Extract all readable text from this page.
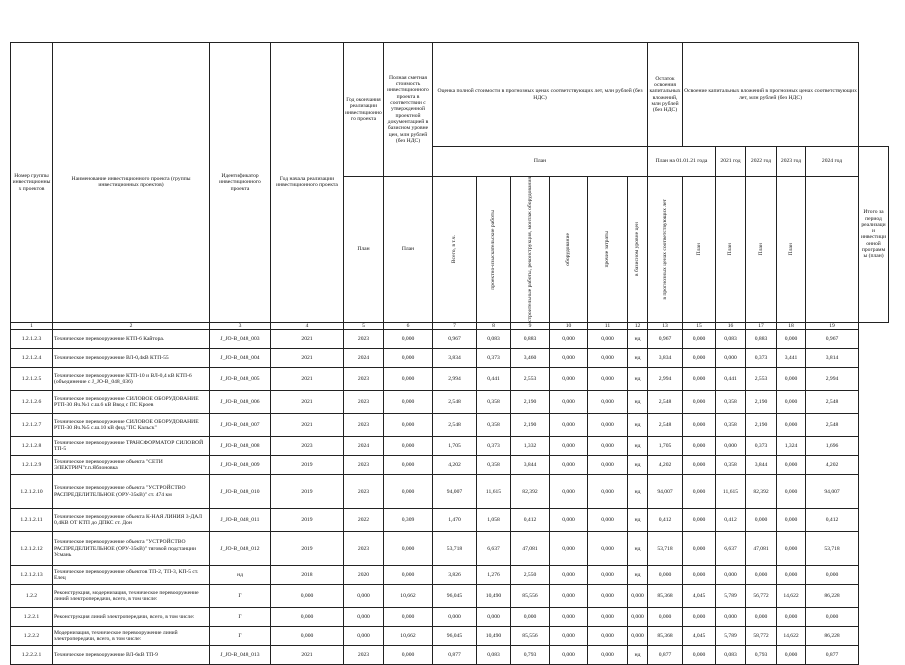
Номер группы инвестиционных проектов	Наименование инвестиционного проекта (группы инвестиционных проектов)	Идентификатор инвестиционного проекта	Год начала реализации инвестиционного проекта	Год окончания реализации инвестиционного проекта	Полная сметная стоимость инвестиционного проекта в соответствии с утвержденной проектной документацией в базисном уровне цен, млн рублей (без НДС)	Оценка полной стоимости в прогнозных ценах соответствующих лет, млн рублей (без НДС)						Остаток освоения капитальных вложений, млн рублей (без НДС)	Освоение капитальных вложений в прогнозных ценах соответствующих лет, млн рублей (без НДС)					
						План						План на 01.01.21 года		2021 год	2022 год	2023 год	2024 год	Итого за период реализации инвестиционной программы (план)
				План	План	Всего, в т.ч.	проектно-изыскательские работы	строительные работы, реконструкция, монтаж оборудования	оборудование	прочие затраты	в базисном уровне цен	в прогнозных ценах соответствующих лет	План	План	План	План		

1	2	3	4	5	6	7	8	9	10	11	12	13	15	16	17	18	19	
1.2.1.2.3	Техническое перевооружение КТП-6 Кайтора.	J_JO-B_048_003	2021	2023	0,000	0,967	0,083	0,883	0,000	0,000	нд	0,967	0,000	0,083	0,883	0,000	0,967	
1.2.1.2.4	Техническое перевооружение ВЛ-0,4кВ КТП-55	J_JO-B_048_004	2021	2024	0,000	3,834	0,373	3,460	0,000	0,000	нд	3,834	0,000	0,000	0,373	3,441	3,814	
1.2.1.2.5	Техническое перевооружение КТП-10 и ВЛ-0,4 кВ КТП-6 (объединение с J_JO-B_048_036)	J_JO-B_048_005	2021	2023	0,000	2,994	0,441	2,553	0,000	0,000	нд	2,994	0,000	0,441	2,553	0,000	2,994	
1.2.1.2.6	Техническое перевооружение СИЛОВОЕ ОБОРУДОВАНИЕ РТП-30 Яч.№1 с.ш.6 кВ Ввод с ПС Кроев	J_JO-B_048_006	2021	2023	0,000	2,548	0,358	2,190	0,000	0,000	нд	2,548	0,000	0,358	2,190	0,000	2,548	
1.2.1.2.7	Техническое перевооружение СИЛОВОЕ ОБОРУДОВАНИЕ РТП-30 Яч.№5 с.ш.10 кВ фид."ПС Кальск"	J_JO-B_048_007	2021	2023	0,000	2,548	0,358	2,190	0,000	0,000	нд	2,548	0,000	0,358	2,190	0,000	2,548	
1.2.1.2.8	Техническое перевооружение ТРАНСФОРМАТОР СИЛОВОЙ ТП-5	J_JO-B_048_008	2023	2024	0,000	1,705	0,373	1,332	0,000	0,000	нд	1,705	0,000	0,000	0,373	1,324	1,696	
1.2.1.2.9	Техническое перевооружение объекта "СЕТИ ЭЛЕКТРИЧ"г.п.Яблоновка	J_JO-B_048_009	2019	2023	0,000	4,202	0,358	3,844	0,000	0,000	нд	4,202	0,000	0,358	3,844	0,000	4,202	
1.2.1.2.10	Техническое перевооружение объекта "УСТРОЙСТВО РАСПРЕДЕЛИТЕЛЬНОЕ (ОРУ-35кВ)" ст. 474 км	J_JO-B_048_010	2019	2023	0,000	94,007	11,615	82,392	0,000	0,000	нд	94,007	0,000	11,615	82,392	0,000	94,007	
1.2.1.2.11	Техническое перевооружение объекта К-НАЯ ЛИНИЯ 3-ДАЛ 0,4КВ ОТ КТП до ДПКС ст. Дон	J_JO-B_048_011	2019	2022	0,309	1,470	1,058	0,412	0,000	0,000	нд	0,412	0,000	0,412	0,000	0,000	0,412	
1.2.1.2.12	Техническое перевооружение объекта "УСТРОЙСТВО РАСПРЕДЕЛИТЕЛЬНОЕ (ОРУ-35кВ)" тяговой подстанции Усмань	J_JO-B_048_012	2019	2023	0,000	53,718	6,637	47,081	0,000	0,000	нд	53,718	0,000	6,637	47,081	0,000	53,718	
1.2.1.2.13	Техническое перевооружение объектов ТП-2, ТП-3, КП-5 ст. Елец	нд	2018	2020	0,000	3,826	1,276	2,550	0,000	0,000	нд	0,000	0,000	0,000	0,000	0,000	0,000	
1.2.2	Реконструкция, модернизация, техническое перевооружение линий электропередачи, всего, в том числе:	Г	0,000	0,000	10,662	96,045	10,490	85,556	0,000	0,000	0,000	85,368	4,045	5,789	56,772	14,622	86,228	
1.2.2.1	Реконструкция линий электропередачи, всего, в том числе:	Г	0,000	0,000	0,000	0,000	0,000	0,000	0,000	0,000	0,000	0,000	0,000	0,000	0,000	0,000	0,000	
1.2.2.2	Модернизация, техническое перевооружение линий электропередачи, всего, в том числе:	Г	0,000	0,000	10,662	96,045	10,490	85,556	0,000	0,000	0,000	85,368	4,045	5,789	58,772	14,622	86,228	
1.2.2.2.1	Техническое перевооружение ВЛ-6кВ ТП-9	J_JO-B_048_013	2021	2023	0,000	0,877	0,083	0,793	0,000	0,000	нд	0,877	0,000	0,083	0,793	0,000	0,877	
